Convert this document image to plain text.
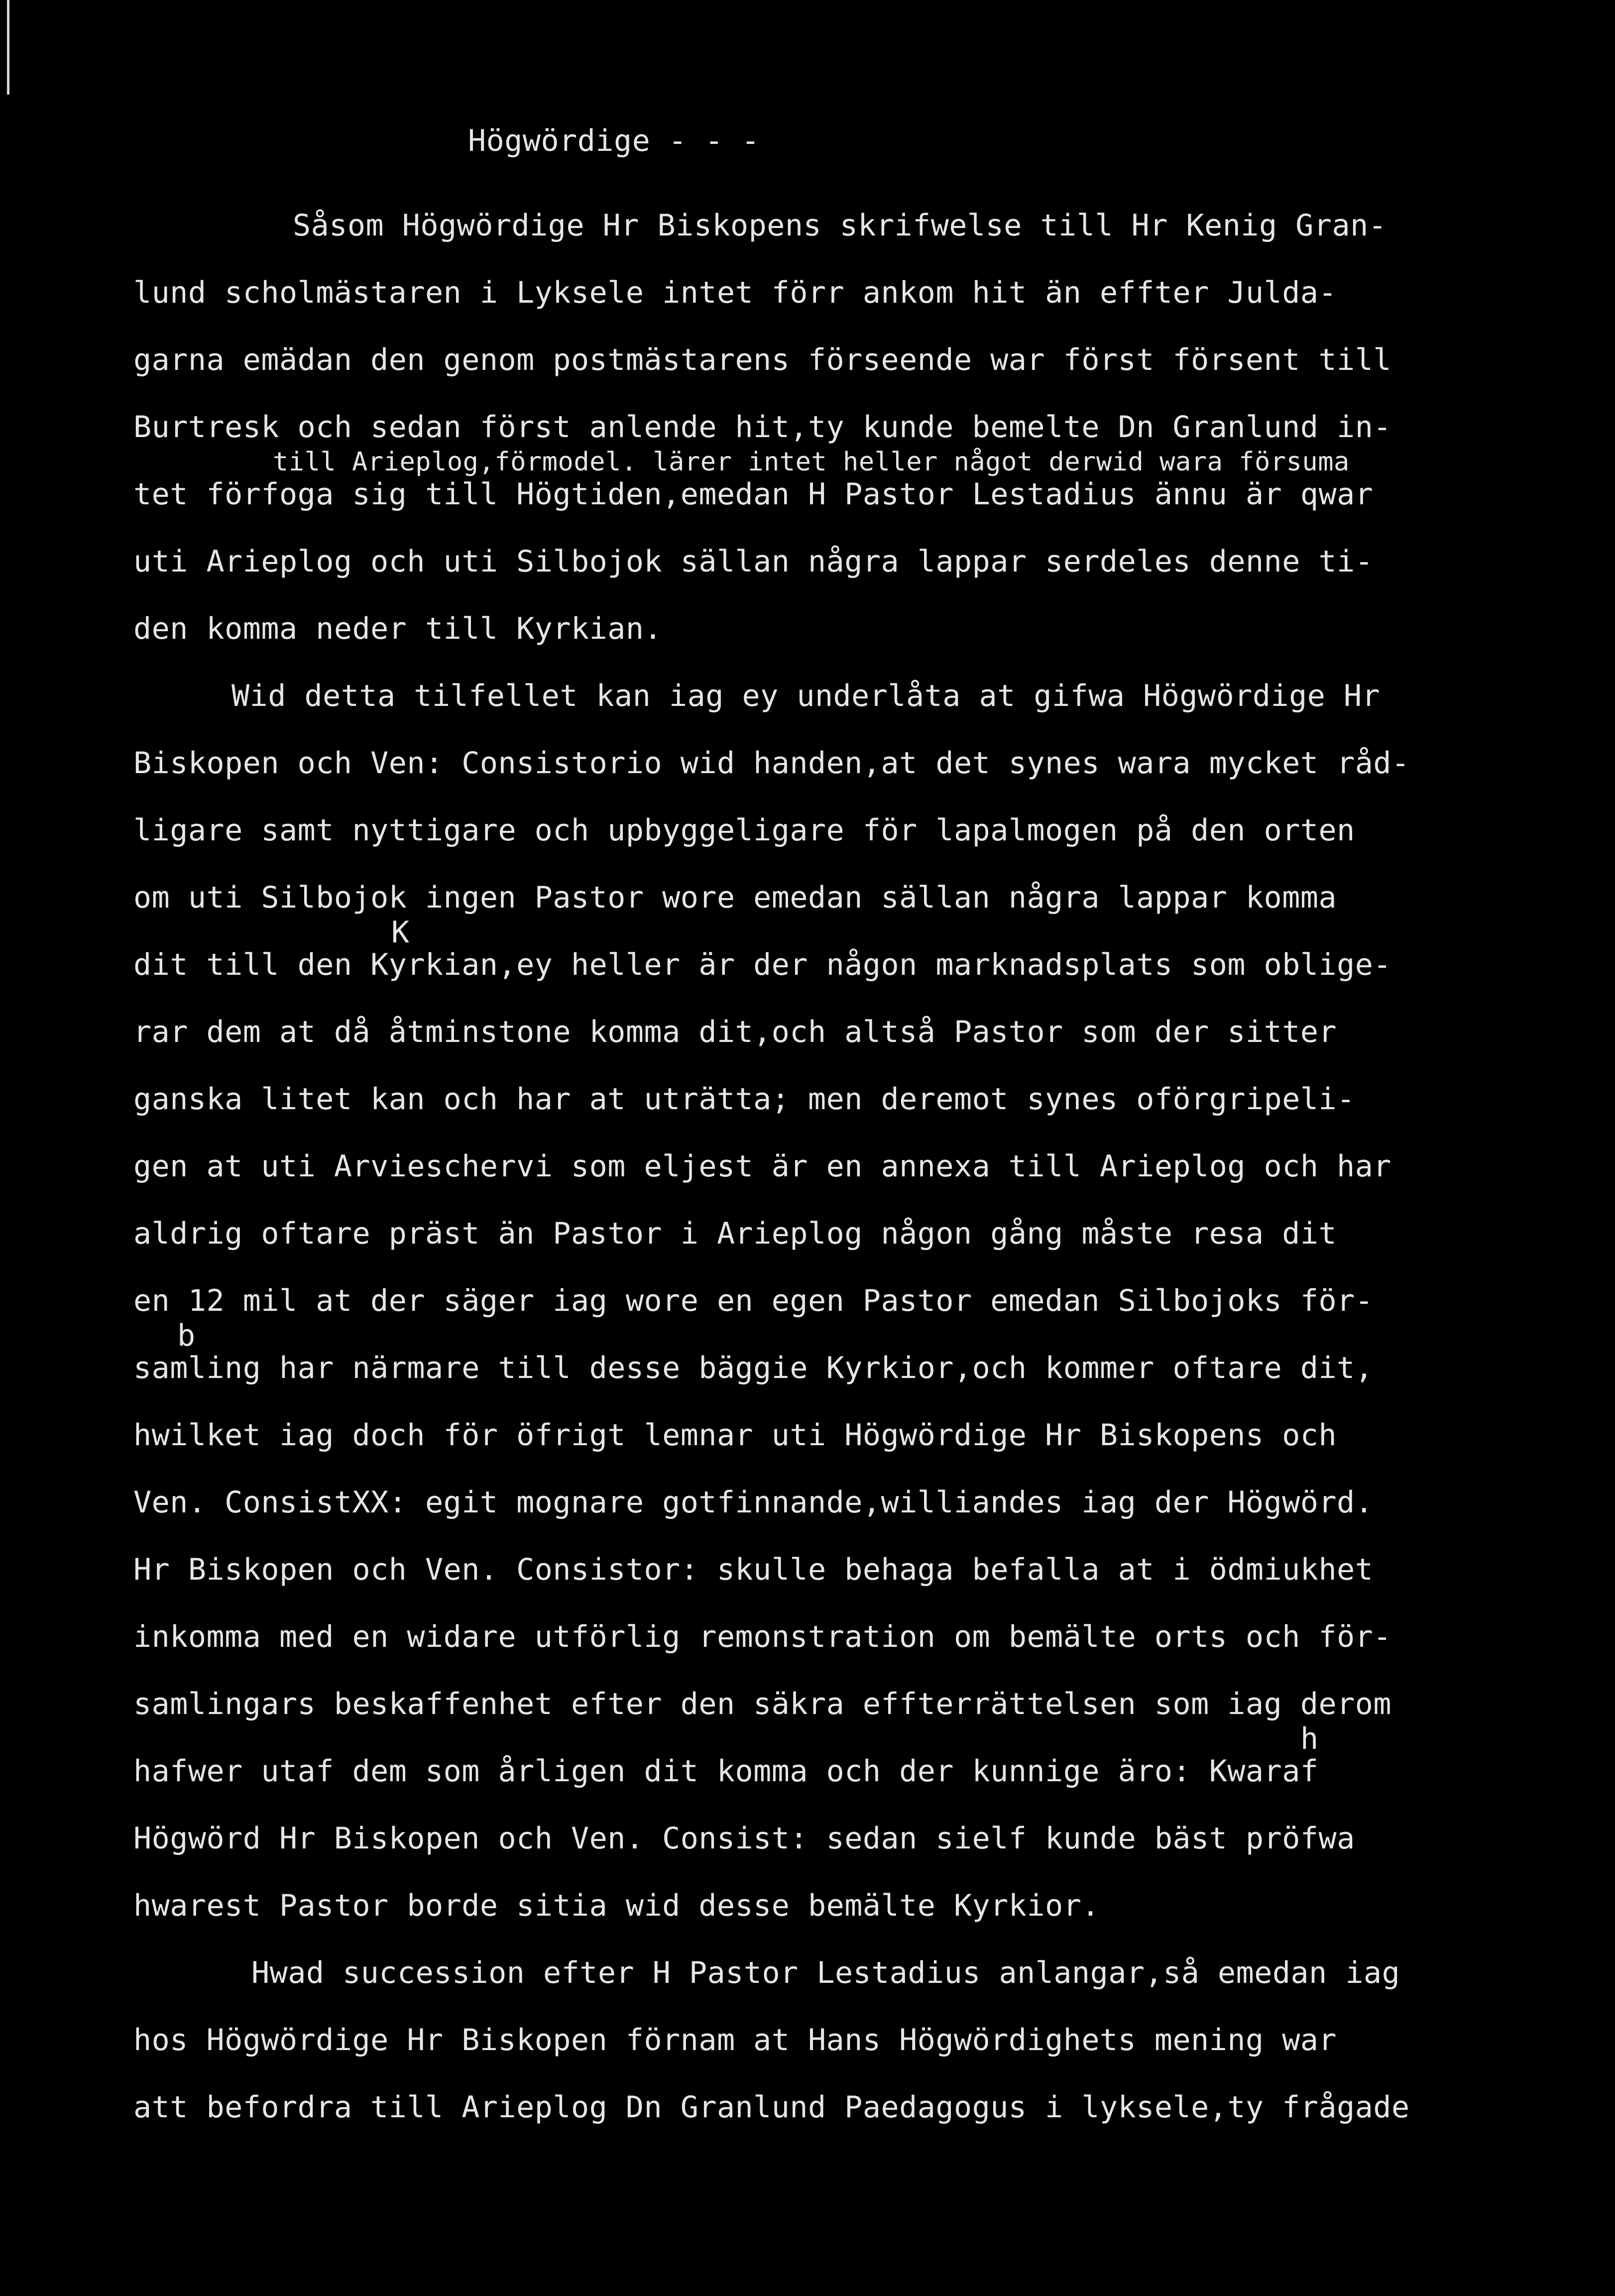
Högwördige - - -
Såsom Högwördige Hr Biskopens skrifwelse till Hr Kenig Gran-
lund scholmästaren i Lyksele intet förr ankom hit än effter Julda-
garna emädan den genom postmästarens förseende war först försent till
Burtresk och sedan först anlende hit,ty kunde bemelte Dn Granlund in-
till Arieplog,förmodel. lärer intet heller något derwid wara försuma
tet förfoga sig till Högtiden,emedan H Pastor Lestadius ännu är qwar
uti Arieplog och uti Silbojok sällan några lappar serdeles denne ti-
den komma neder till Kyrkian.
Wid detta tilfellet kan iag ey underlåta at gifwa Högwördige Hr
Biskopen och Ven: Consistorio wid handen,at det synes wara mycket råd-
ligare samt nyttigare och upbyggeligare för lapalmogen på den orten
om uti Silbojok ingen Pastor wore emedan sällan några lappar komma
K
dit till den Kyrkian,ey heller är der någon marknadsplats som oblige-
rar dem at då åtminstone komma dit,och altså Pastor som der sitter
ganska litet kan och har at uträtta; men deremot synes oförgripeli-
gen at uti Arvieschervi som eljest är en annexa till Arieplog och har
aldrig oftare präst än Pastor i Arieplog någon gång måste resa dit
en 12 mil at der säger iag wore en egen Pastor emedan Silbojoks för-
b
samling har närmare till desse bäggie Kyrkior,och kommer oftare dit,
hwilket iag doch för öfrigt lemnar uti Högwördige Hr Biskopens och
Ven. ConsistXX: egit mognare gotfinnande,williandes iag der Högwörd.
Hr Biskopen och Ven. Consistor: skulle behaga befalla at i ödmiukhet
inkomma med en widare utförlig remonstration om bemälte orts och för-
samlingars beskaffenhet efter den säkra effterrättelsen som iag derom
h
hafwer utaf dem som årligen dit komma och der kunnige äro: Kwaraf
Högwörd Hr Biskopen och Ven. Consist: sedan sielf kunde bäst pröfwa
hwarest Pastor borde sitia wid desse bemälte Kyrkior.
Hwad succession efter H Pastor Lestadius anlangar,så emedan iag
hos Högwördige Hr Biskopen förnam at Hans Högwördighets mening war
att befordra till Arieplog Dn Granlund Paedagogus i lyksele,ty frågade
